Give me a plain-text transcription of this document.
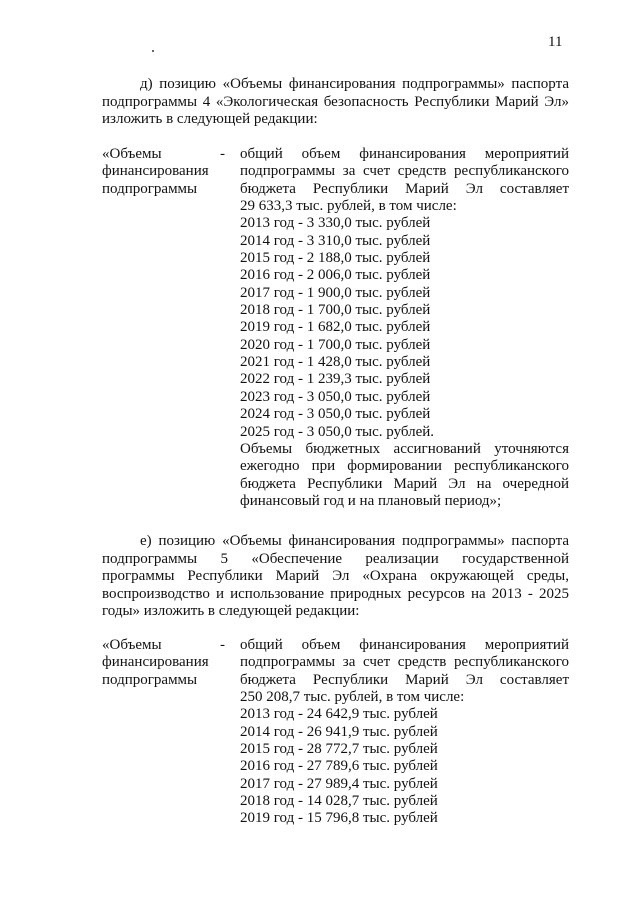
11
д) позицию «Объемы финансирования подпрограммы» паспорта
подпрограммы 4 «Экологическая безопасность Республики Марий Эл»
изложить в следующей редакции:
«Объемы
финансирования
подпрограммы
- общий объем финансирования мероприятий
подпрограммы за счет средств республиканского
бюджета Республики Марий Эл составляет
29 633,3 тыс. рублей, в том числе:
2013 год - 3 330,0 тыс. рублей
2014 год - 3 310,0 тыс. рублей
2015 год - 2 188,0 тыс. рублей
2016 год - 2 006,0 тыс. рублей
2017 год - 1 900,0 тыс. рублей
2018 год - 1 700,0 тыс. рублей
2019 год - 1 682,0 тыс. рублей
2020 год - 1 700,0 тыс. рублей
2021 год - 1 428,0 тыс. рублей
2022 год - 1 239,3 тыс. рублей
2023 год - 3 050,0 тыс. рублей
2024 год - 3 050,0 тыс. рублей
2025 год - 3 050,0 тыс. рублей.
Объемы бюджетных ассигнований уточняются
ежегодно при формировании республиканского
бюджета Республики Марий Эл на очередной
финансовый год и на плановый период»;
е) позицию «Объемы финансирования подпрограммы» паспорта
подпрограммы 5 «Обеспечение реализации государственной
программы Республики Марий Эл «Охрана окружающей среды,
воспроизводство и использование природных ресурсов на 2013 - 2025
годы» изложить в следующей редакции:
«Объемы
финансирования
подпрограммы
- общий объем финансирования мероприятий
подпрограммы за счет средств республиканского
бюджета Республики Марий Эл составляет
250 208,7 тыс. рублей, в том числе:
2013 год - 24 642,9 тыс. рублей
2014 год - 26 941,9 тыс. рублей
2015 год - 28 772,7 тыс. рублей
2016 год - 27 789,6 тыс. рублей
2017 год - 27 989,4 тыс. рублей
2018 год - 14 028,7 тыс. рублей
2019 год - 15 796,8 тыс. рублей
